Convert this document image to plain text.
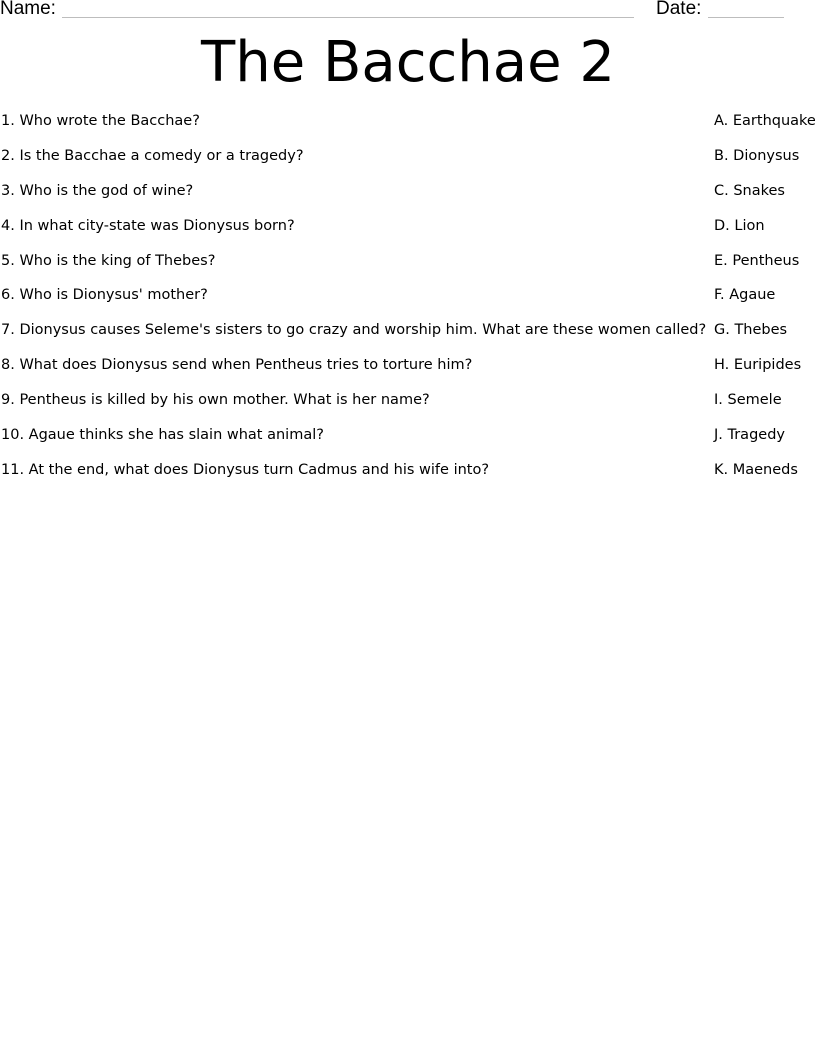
Name:	Date:
The Bacchae 2
1. Who wrote the Bacchae?
2. Is the Bacchae a comedy or a tragedy?
3. Who is the god of wine?
4. In what city-state was Dionysus born?
5. Who is the king of Thebes?
6. Who is Dionysus' mother?
7. Dionysus causes Seleme's sisters to go crazy and worship him. What are these women called?
8. What does Dionysus send when Pentheus tries to torture him?
9. Pentheus is killed by his own mother. What is her name?
10. Agaue thinks she has slain what animal?
11. At the end, what does Dionysus turn Cadmus and his wife into?
A. Earthquake
B. Dionysus
C. Snakes
D. Lion
E. Pentheus
F. Agaue
G. Thebes
H. Euripides
I. Semele
J. Tragedy
K. Maeneds
